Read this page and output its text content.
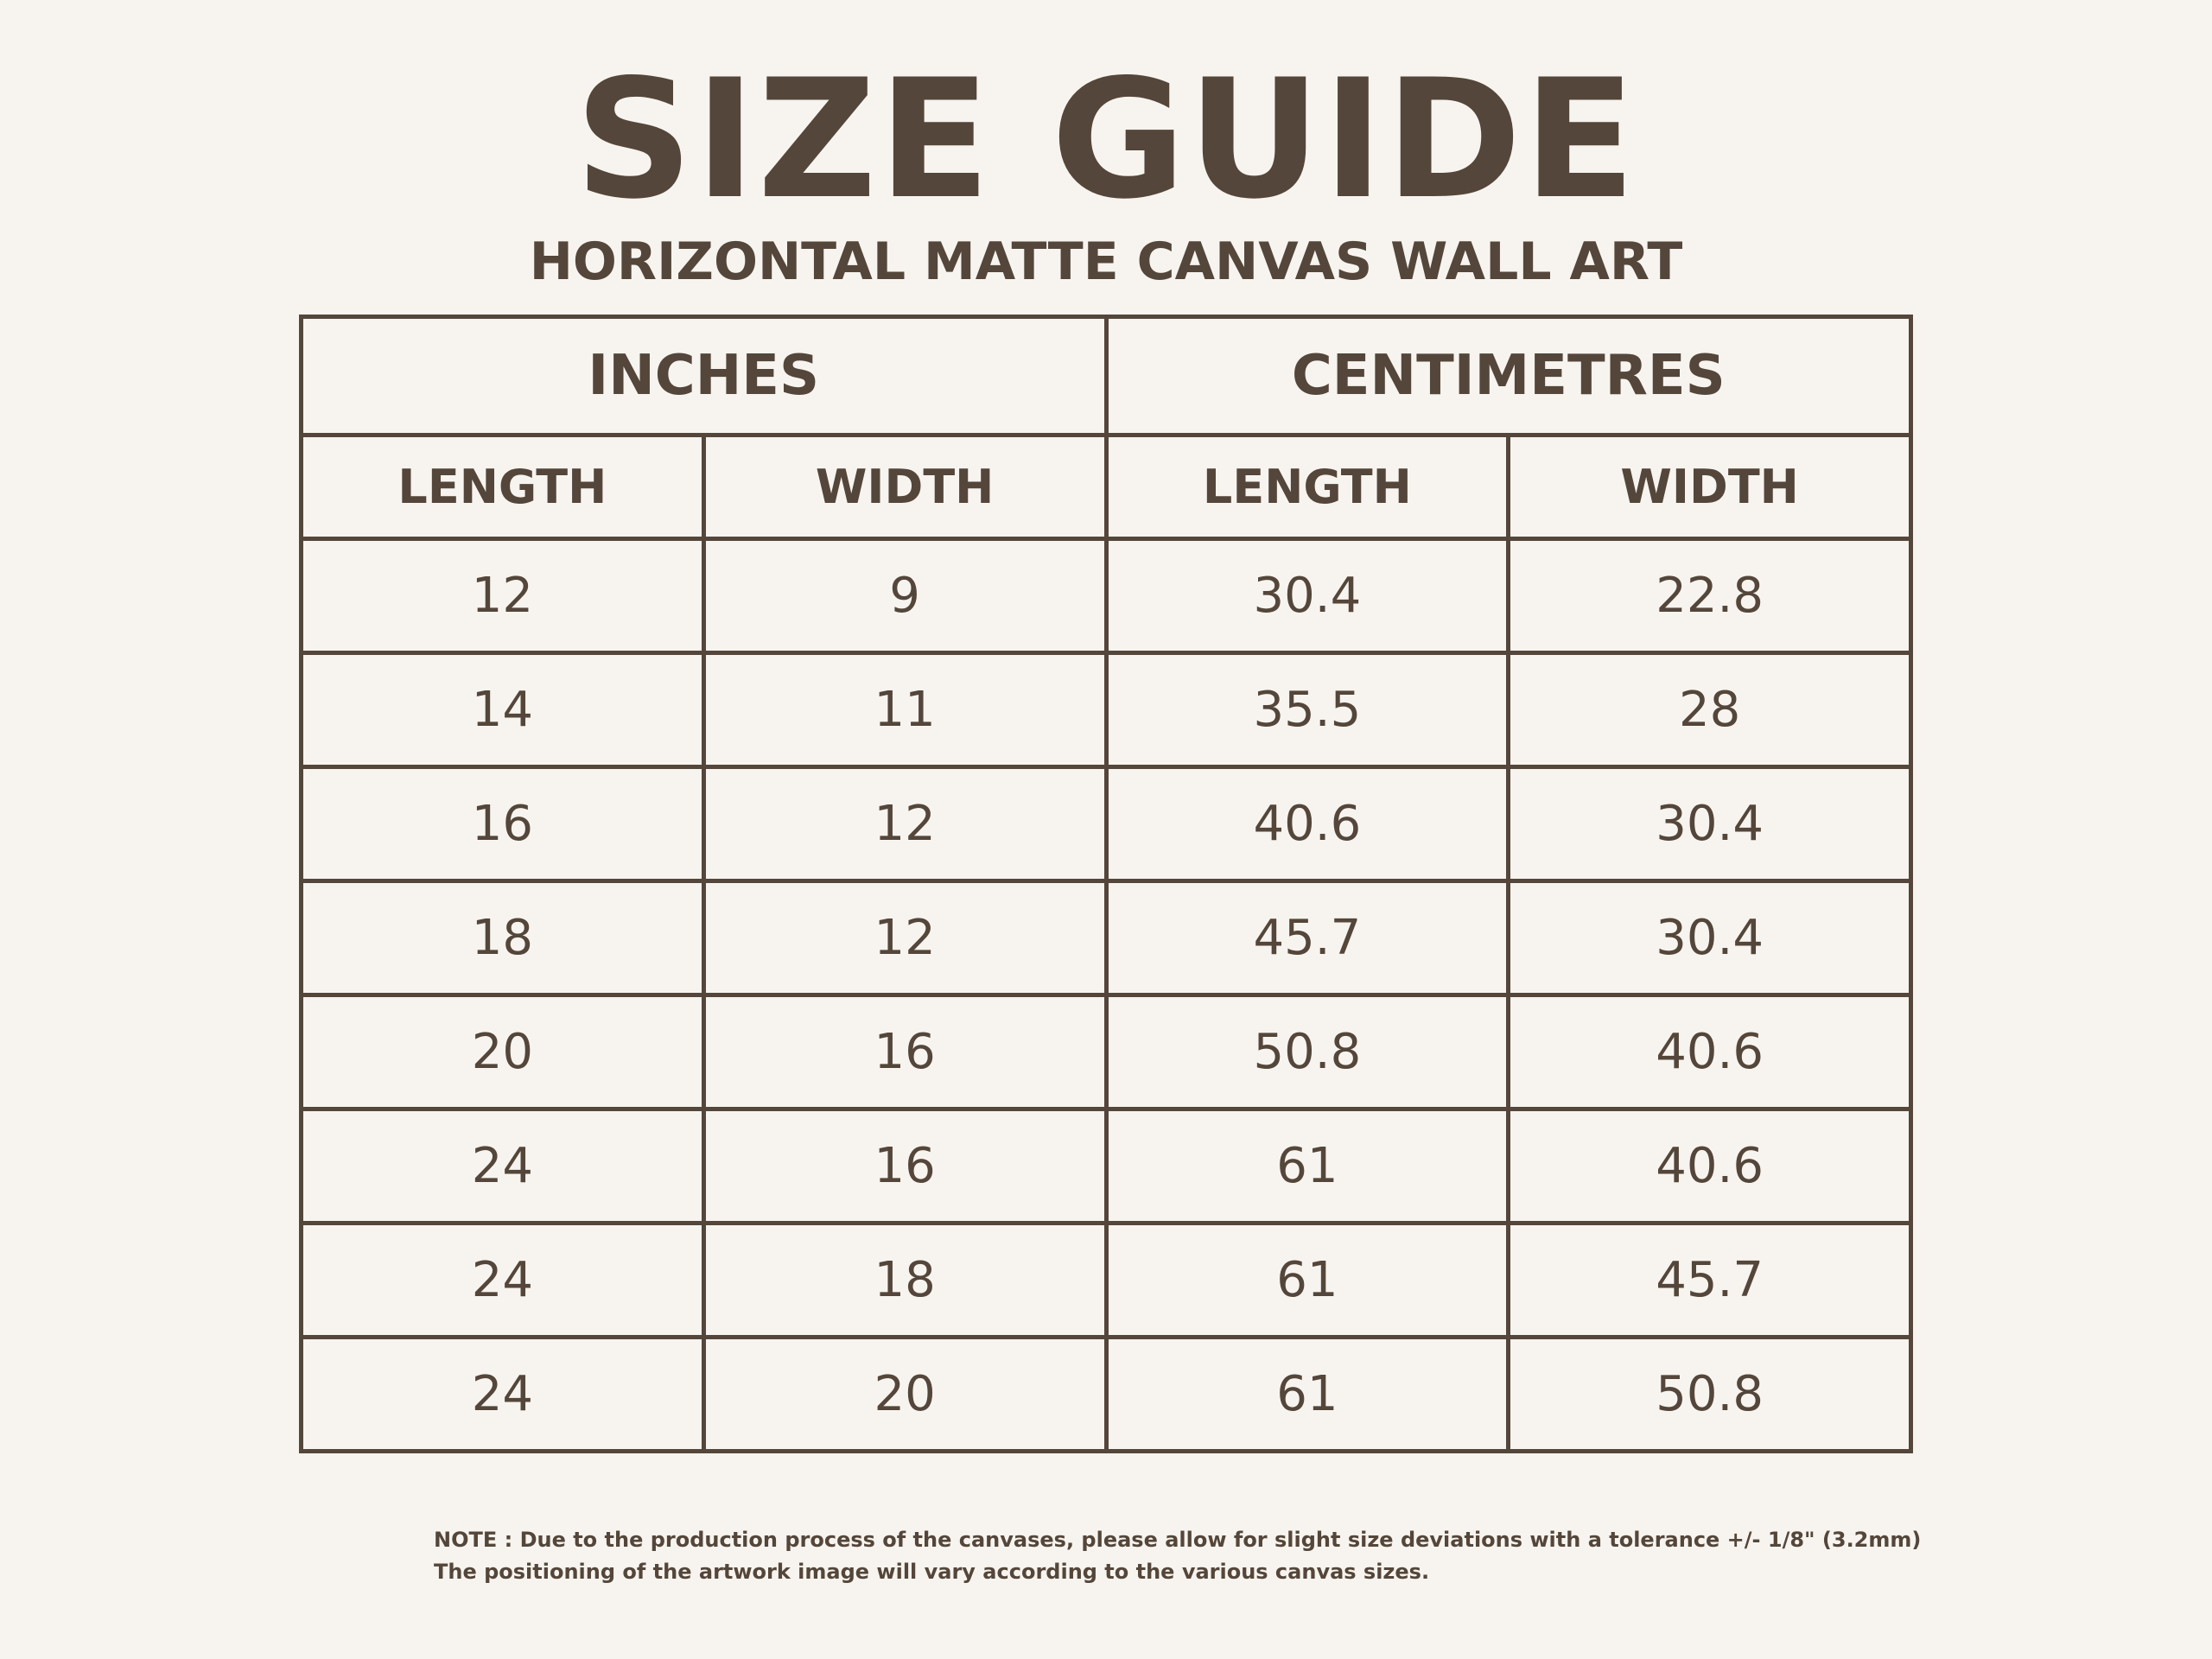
SIZE GUIDE
HORIZONTAL MATTE CANVAS WALL ART
INCHES		CENTIMETRES	
LENGTH	WIDTH	LENGTH	WIDTH
12	9	30.4	22.8
14	11	35.5	28
16	12	40.6	30.4
18	12	45.7	30.4
20	16	50.8	40.6
24	16	61	40.6
24	18	61	45.7
24	20	61	50.8
NOTE : Due to the production process of the canvases, please allow for slight size deviations with a tolerance +/- 1/8" (3.2mm)
The positioning of the artwork image will vary according to the various canvas sizes.
